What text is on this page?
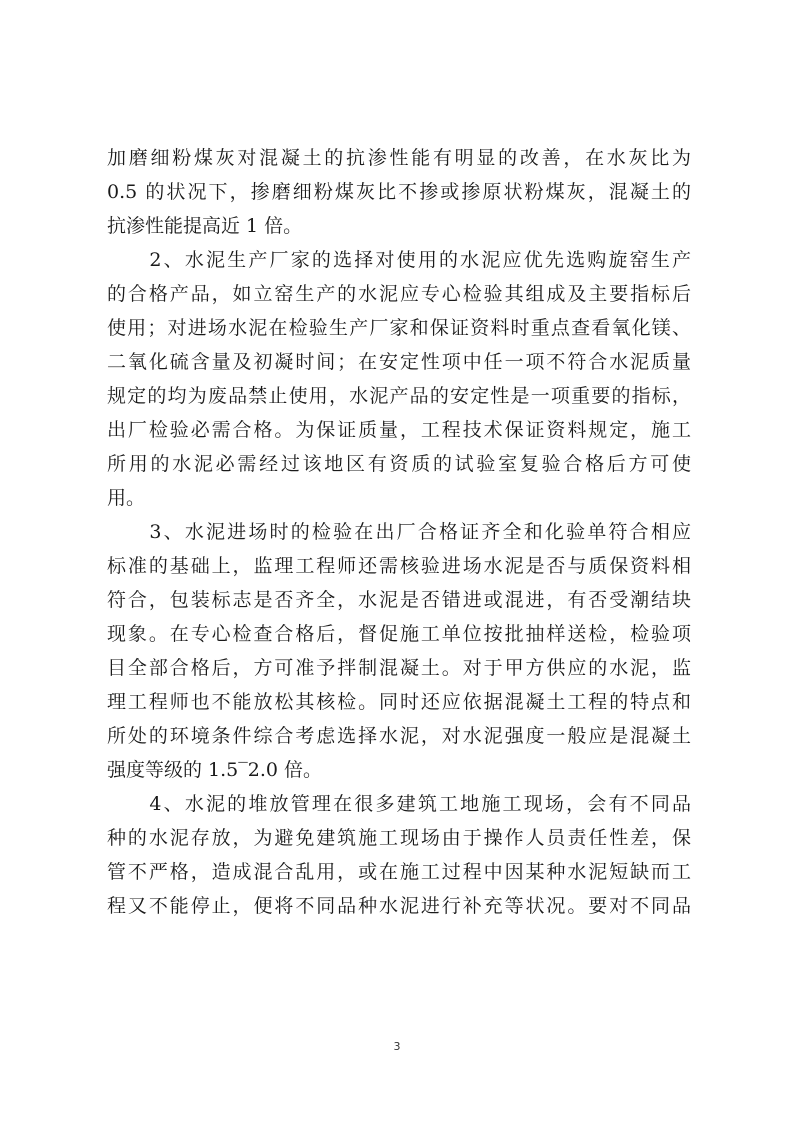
加磨细粉煤灰对混凝土的抗渗性能有明显的改善，在水灰比为
0.5 的状况下，掺磨细粉煤灰比不掺或掺原状粉煤灰，混凝土的
抗渗性能提高近 1 倍。
　　2、水泥生产厂家的选择对使用的水泥应优先选购旋窑生产
的合格产品，如立窑生产的水泥应专心检验其组成及主要指标后
使用；对进场水泥在检验生产厂家和保证资料时重点查看氧化镁、
二氧化硫含量及初凝时间；在安定性项中任一项不符合水泥质量
规定的均为废品禁止使用，水泥产品的安定性是一项重要的指标，
出厂检验必需合格。为保证质量，工程技术保证资料规定，施工
所用的水泥必需经过该地区有资质的试验室复验合格后方可使
用。
　　3、水泥进场时的检验在出厂合格证齐全和化验单符合相应
标准的基础上，监理工程师还需核验进场水泥是否与质保资料相
符合，包装标志是否齐全，水泥是否错进或混进，有否受潮结块
现象。在专心检查合格后，督促施工单位按批抽样送检，检验项
目全部合格后，方可准予拌制混凝土。对于甲方供应的水泥，监
理工程师也不能放松其核检。同时还应依据混凝土工程的特点和
所处的环境条件综合考虑选择水泥，对水泥强度一般应是混凝土
强度等级的 1.5‾2.0 倍。
　　4、水泥的堆放管理在很多建筑工地施工现场，会有不同品
种的水泥存放，为避免建筑施工现场由于操作人员责任性差，保
管不严格，造成混合乱用，或在施工过程中因某种水泥短缺而工
程又不能停止，便将不同品种水泥进行补充等状况。要对不同品
3
